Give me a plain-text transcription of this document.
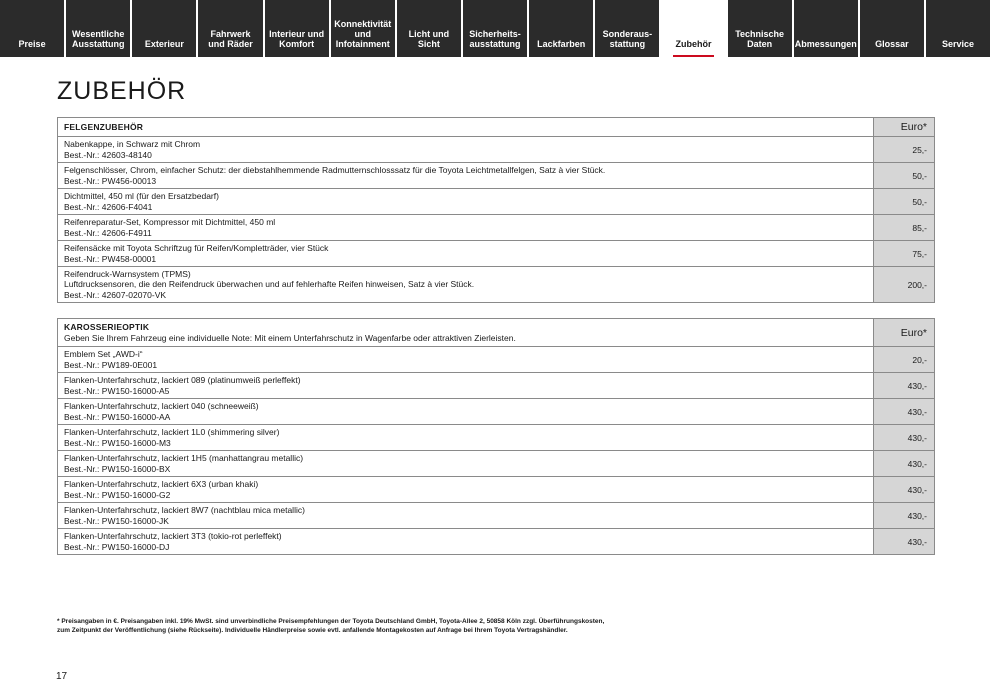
Preise
Wesentliche
Ausstattung	Exterieur
Fahrwerk
und Räder
Interieur und
Komfort
Konnektivität
und
Infotainment
Licht und Sicht
Sicherheits-
ausstattung	Lackfarben
Sonderaus-
stattung	Zubehör
Technische
Daten	Abmessungen	Glossar	Service
ZUBEHÖR
FELGENZUBEHÖR	Euro*

Nabenkappe, in Schwarz mit Chrom
Best.-Nr.: 42603-48140	25,-

Felgenschlösser, Chrom, einfacher Schutz: der diebstahlhemmende Radmutternschlosssatz für die Toyota Leichtmetallfelgen, Satz à vier Stück.
Best.-Nr.: PW456-00013	50,-

Dichtmittel, 450 ml (für den Ersatzbedarf)
Best.-Nr.: 42606-F4041	50,-

Reifenreparatur-Set, Kompressor mit Dichtmittel, 450 ml
Best.-Nr.: 42606-F4911	85,-

Reifensäcke mit Toyota Schriftzug für Reifen/Kompletträder, vier Stück
Best.-Nr.: PW458-00001	75,-

Reifendruck-Warnsystem (TPMS)
Luftdrucksensoren, die den Reifendruck überwachen und auf fehlerhafte Reifen hinweisen, Satz à vier Stück.
Best.-Nr.: 42607-02070-VK	200,-
KAROSSERIEOPTIK
Geben Sie Ihrem Fahrzeug eine individuelle Note: Mit einem Unterfahrschutz in Wagenfarbe oder attraktiven Zierleisten.	Euro*

Emblem Set „AWD-i“
Best.-Nr.: PW189-0E001	20,-

Flanken-Unterfahrschutz, lackiert 089 (platinumweiß perleffekt)
Best.-Nr.: PW150-16000-A5	430,-

Flanken-Unterfahrschutz, lackiert 040 (schneeweiß)
Best.-Nr.: PW150-16000-AA	430,-

Flanken-Unterfahrschutz, lackiert 1L0 (shimmering silver)
Best.-Nr.: PW150-16000-M3	430,-

Flanken-Unterfahrschutz, lackiert 1H5 (manhattangrau metallic)
Best.-Nr.: PW150-16000-BX	430,-

Flanken-Unterfahrschutz, lackiert 6X3 (urban khaki)
Best.-Nr.: PW150-16000-G2	430,-

Flanken-Unterfahrschutz, lackiert 8W7 (nachtblau mica metallic)
Best.-Nr.: PW150-16000-JK	430,-

Flanken-Unterfahrschutz, lackiert 3T3 (tokio-rot perleffekt)
Best.-Nr.: PW150-16000-DJ	430,-

* Preisangaben in €. Preisangaben inkl. 19% MwSt. sind unverbindliche Preisempfehlungen der Toyota Deutschland GmbH, Toyota-Allee 2, 50858 Köln zzgl. Überführungskosten, zum Zeitpunkt der Veröffentlichung (siehe Rückseite). Individuelle Händlerpreise sowie evtl. anfallende Montagekosten auf Anfrage bei Ihrem Toyota Vertragshändler.

17
